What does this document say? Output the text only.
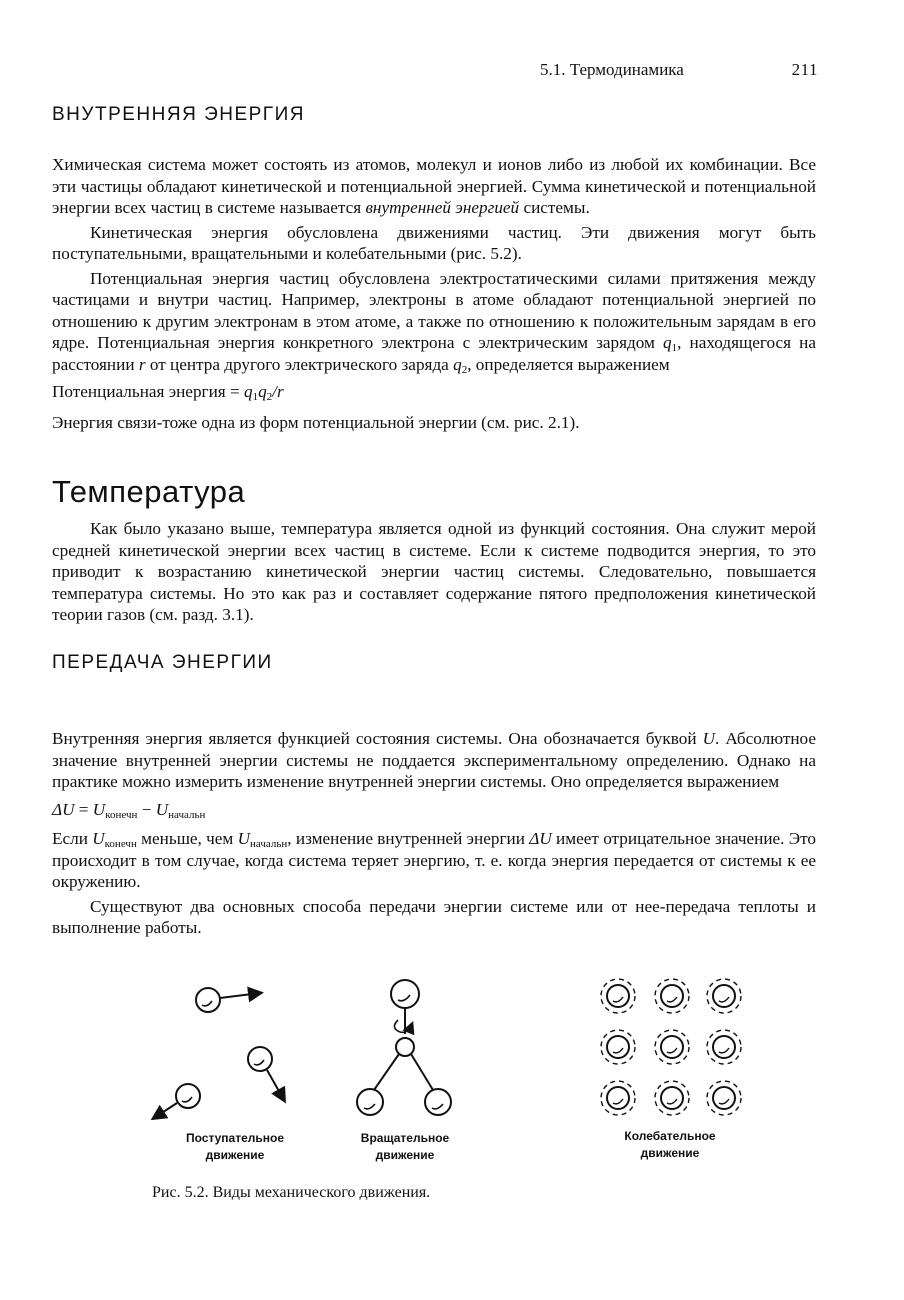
5.1. Термодинамика	211
ВНУТРЕННЯЯ ЭНЕРГИЯ

Химическая система может состоять из атомов, молекул и ионов либо из любой их комбинации. Все эти частицы обладают кинетической и потенциальной энергией. Сумма кинетической и потенциальной энергии всех частиц в системе называется внутренней энергией системы.

Кинетическая энергия обусловлена движениями частиц. Эти движения могут быть поступательными, вращательными и колебательными (рис. 5.2).

Потенциальная энергия частиц обусловлена электростатическими силами притяжения между частицами и внутри частиц. Например, электроны в атоме обладают потенциальной энергией по отношению к другим электронам в этом атоме, а также по отношению к положительным зарядам в его ядре. Потенциальная энергия конкретного электрона с электрическим зарядом $q_1$, находящегося на расстоянии r от центра другого электрического заряда $q_2$, определяется выражением

Потенциальная энергия = $q_1q_2/r$

Энергия связи-тоже одна из форм потенциальной энергии (см. рис. 2.1).

Температура

Как было указано выше, температура является одной из функций состояния. Она служит мерой средней кинетической энергии всех частиц в системе. Если к системе подводится энергия, то это приводит к возрастанию кинетической энергии частиц системы. Следовательно, повышается температура системы. Но это как раз и составляет содержание пятого предположения кинетической теории газов (см. разд. 3.1).

ПЕРЕДАЧА ЭНЕРГИИ

Внутренняя энергия является функцией состояния системы. Она обозначается буквой U. Абсолютное значение внутренней энергии системы не поддается экспериментальному определению. Однако на практике можно измерить изменение внутренней энергии системы. Оно определяется выражением

$\Delta U = U_{конечн} - U_{начальн}$

Если $U_{конечн}$ меньше, чем $U_{начальн}$, изменение внутренней энергии ΔU имеет отрицательное значение. Это происходит в том случае, когда система теряет энергию, т. е. когда энергия передается от системы к ее окружению.

Существуют два основных способа передачи энергии системе или от нее-передача теплоты и выполнение работы.

Поступательное движение
Вращательное движение
Колебательное движение
Рис. 5.2. Виды механического движения.
